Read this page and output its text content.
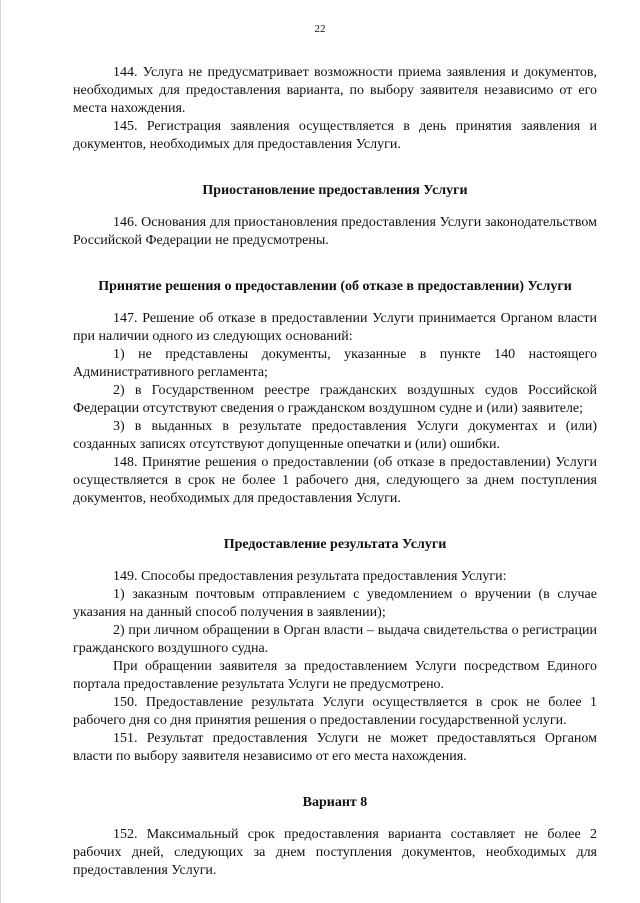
22

144. Услуга не предусматривает возможности приема заявления и документов, необходимых для предоставления варианта, по выбору заявителя независимо от его места нахождения.

145. Регистрация заявления осуществляется в день принятия заявления и документов, необходимых для предоставления Услуги.

Приостановление предоставления Услуги

146. Основания для приостановления предоставления Услуги законодательством Российской Федерации не предусмотрены.

Принятие решения о предоставлении (об отказе в предоставлении) Услуги

147. Решение об отказе в предоставлении Услуги принимается Органом власти при наличии одного из следующих оснований:

1) не представлены документы, указанные в пункте 140 настоящего Административного регламента;

2) в Государственном реестре гражданских воздушных судов Российской Федерации отсутствуют сведения о гражданском воздушном судне и (или) заявителе;

3) в выданных в результате предоставления Услуги документах и (или) созданных записях отсутствуют допущенные опечатки и (или) ошибки.

148. Принятие решения о предоставлении (об отказе в предоставлении) Услуги осуществляется в срок не более 1 рабочего дня, следующего за днем поступления документов, необходимых для предоставления Услуги.

Предоставление результата Услуги

149. Способы предоставления результата предоставления Услуги:

1) заказным почтовым отправлением с уведомлением о вручении (в случае указания на данный способ получения в заявлении);

2) при личном обращении в Орган власти – выдача свидетельства о регистрации гражданского воздушного судна.

При обращении заявителя за предоставлением Услуги посредством Единого портала предоставление результата Услуги не предусмотрено.

150. Предоставление результата Услуги осуществляется в срок не более 1 рабочего дня со дня принятия решения о предоставлении государственной услуги.

151. Результат предоставления Услуги не может предоставляться Органом власти по выбору заявителя независимо от его места нахождения.

Вариант 8

152. Максимальный срок предоставления варианта составляет не более 2 рабочих дней, следующих за днем поступления документов, необходимых для предоставления Услуги.
